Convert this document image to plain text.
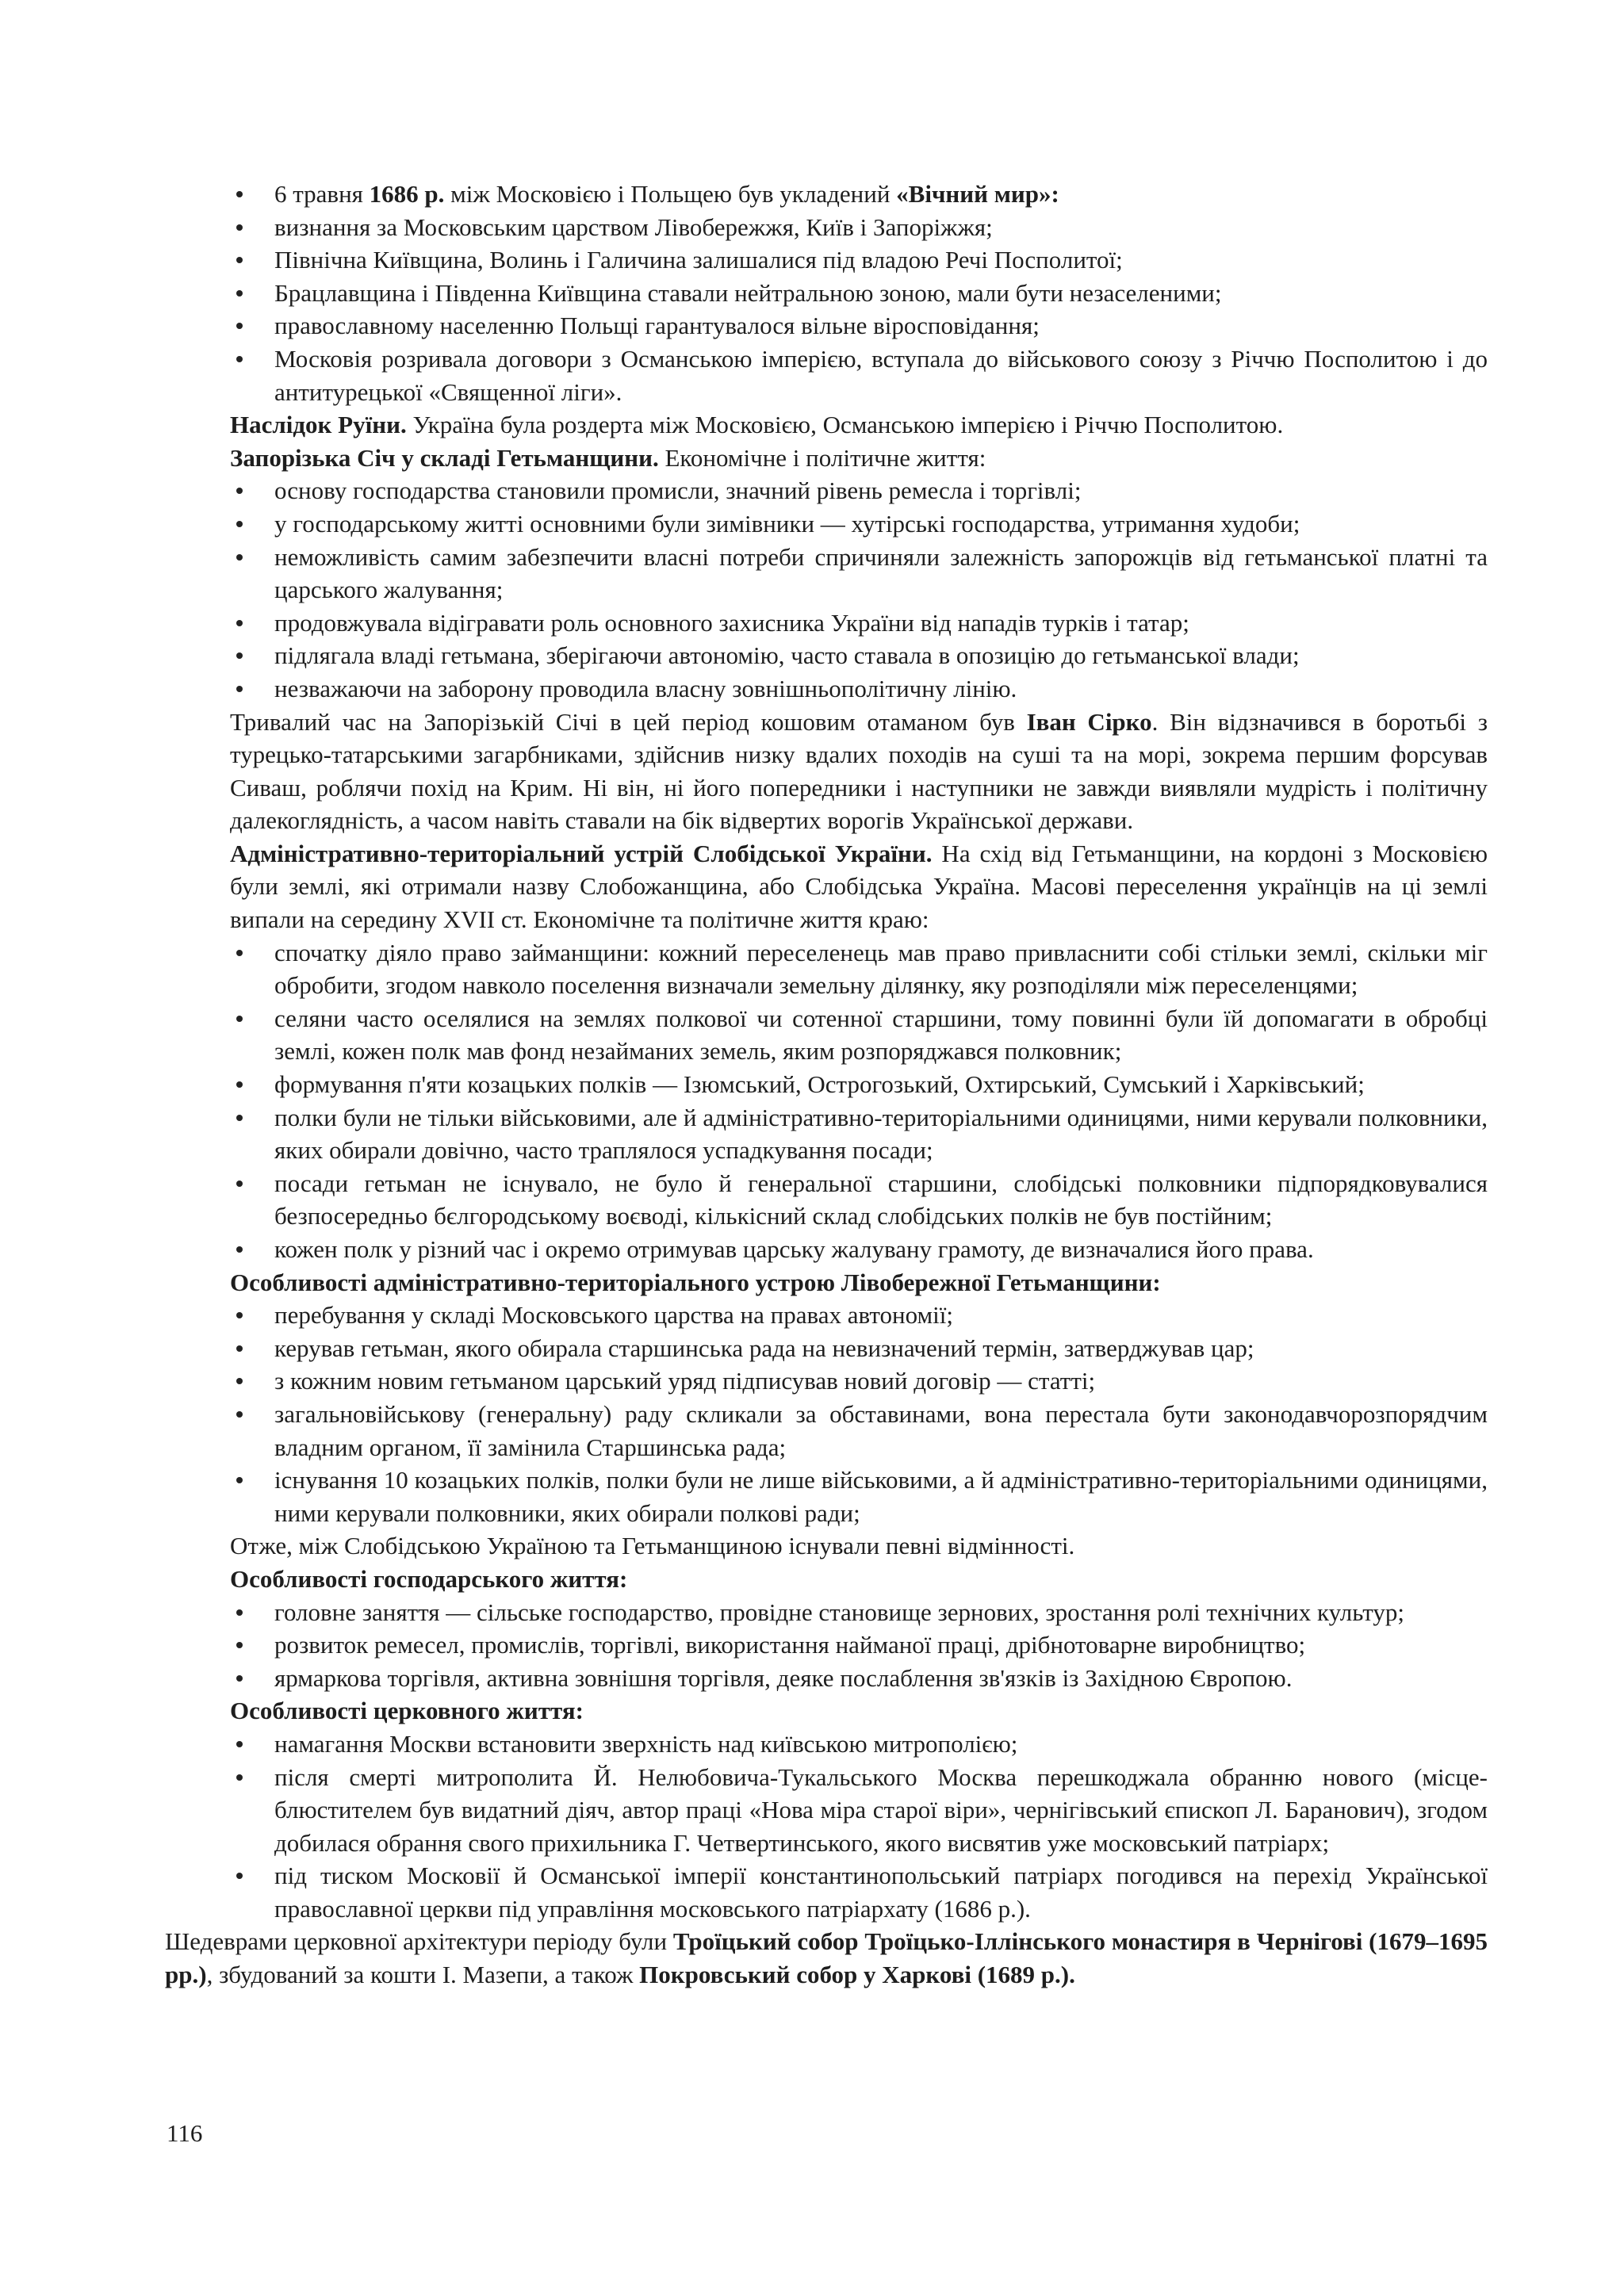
6 травня 1686 р. між Московією і Польщею був укладений «Вічний мир»:
визнання за Московським царством Лівобережжя, Київ і Запоріжжя;
Північна Київщина, Волинь і Галичина залишалися під владою Речі Посполитої;
Брацлавщина і Південна Київщина ставали нейтральною зоною, мали бути незаселеними;
православному населенню Польщі гарантувалося вільне віросповідання;
Московія розривала договори з Османською імперією, вступала до військового союзу з Річчю Посполитою і до антитурецької «Священної ліги».

Наслідок Руїни. Україна була роздерта між Московією, Османською імперією і Річчю Посполитою.

Запорізька Січ у складі Гетьманщини. Економічне і політичне життя:

основу господарства становили промисли, значний рівень ремесла і торгівлі;
у господарському житті основними були зимівники — хутірські господарства, утримання худоби;
неможливість самим забезпечити власні потреби спричиняли залежність запорожців від гетьманської платні та царського жалування;
продовжувала відігравати роль основного захисника України від нападів турків і татар;
підлягала владі гетьмана, зберігаючи автономію, часто ставала в опозицію до гетьманської влади;
незважаючи на заборону проводила власну зовнішньополітичну лінію.

Тривалий час на Запорізькій Січі в цей період кошовим отаманом був Іван Сірко. Він відзначився в боротьбі з турецько-татарськими загарбниками, здійснив низку вдалих походів на суші та на морі, зокрема першим форсував Сиваш, роблячи похід на Крим. Ні він, ні його попередники і наступники не завжди виявляли мудрість і політичну далекоглядність, а часом навіть ставали на бік відвертих ворогів Української держави.

Адміністративно-територіальний устрій Слобідської України. На схід від Гетьманщини, на кордоні з Московією були землі, які отримали назву Слобожанщина, або Слобідська Україна. Масові переселення українців на ці землі випали на середину XVII ст. Економічне та політичне життя краю:

спочатку діяло право займанщини: кожний переселенець мав право привласнити собі стільки землі, скільки міг обробити, згодом навколо поселення визначали земельну ділянку, яку розподіляли між переселенцями;
селяни часто оселялися на землях полкової чи сотенної старшини, тому повинні були їй допомагати в обробці землі, кожен полк мав фонд незайманих земель, яким розпоряджався полковник;
формування п'яти козацьких полків — Ізюмський, Острогозький, Охтирський, Сумський і Харківський;
полки були не тільки військовими, але й адміністративно-територіальними одиницями, ними керували полковники, яких обирали довічно, часто траплялося успадкування посади;
посади гетьман не існувало, не було й генеральної старшини, слобідські полковники підпорядковувалися безпосередньо бєлгородському воєводі, кількісний склад слобідських полків не був постійним;
кожен полк у різний час і окремо отримував царську жалувану грамоту, де визначалися його права.

Особливості адміністративно-територіального устрою Лівобережної Гетьманщини:

перебування у складі Московського царства на правах автономії;
керував гетьман, якого обирала старшинська рада на невизначений термін, затверджував цар;
з кожним новим гетьманом царський уряд підписував новий договір — статті;
загальновійськову (генеральну) раду скликали за обставинами, вона перестала бути законодавчорозпорядчим владним органом, її замінила Старшинська рада;
існування 10 козацьких полків, полки були не лише військовими, а й адміністративно-територіальними одиницями, ними керували полковники, яких обирали полкові ради;

Отже, між Слобідською Україною та Гетьманщиною існували певні відмінності.

Особливості господарського життя:

головне заняття — сільське господарство, провідне становище зернових, зростання ролі технічних культур;
розвиток ремесел, промислів, торгівлі, використання найманої праці, дрібнотоварне виробництво;
ярмаркова торгівля, активна зовнішня торгівля, деяке послаблення зв'язків із Західною Європою.

Особливості церковного життя:

намагання Москви встановити зверхність над київською митрополією;
після смерті митрополита Й. Нелюбовича-Тукальського Москва перешкоджала обранню нового (місце- блюстителем був видатний діяч, автор праці «Нова міра старої віри», чернігівський єпископ Л. Баранович), згодом добилася обрання свого прихильника Г. Четвертинського, якого висвятив уже московський патріарх;
під тиском Московії й Османської імперії константинопольський патріарх погодився на перехід Української православної церкви під управління московського патріархату (1686 р.).

Шедеврами церковної архітектури періоду були Троїцький собор Троїцько-Іллінського монастиря в Чернігові (1679–1695 рр.), збудований за кошти І. Мазепи, а також Покровський собор у Харкові (1689 р.).

116
